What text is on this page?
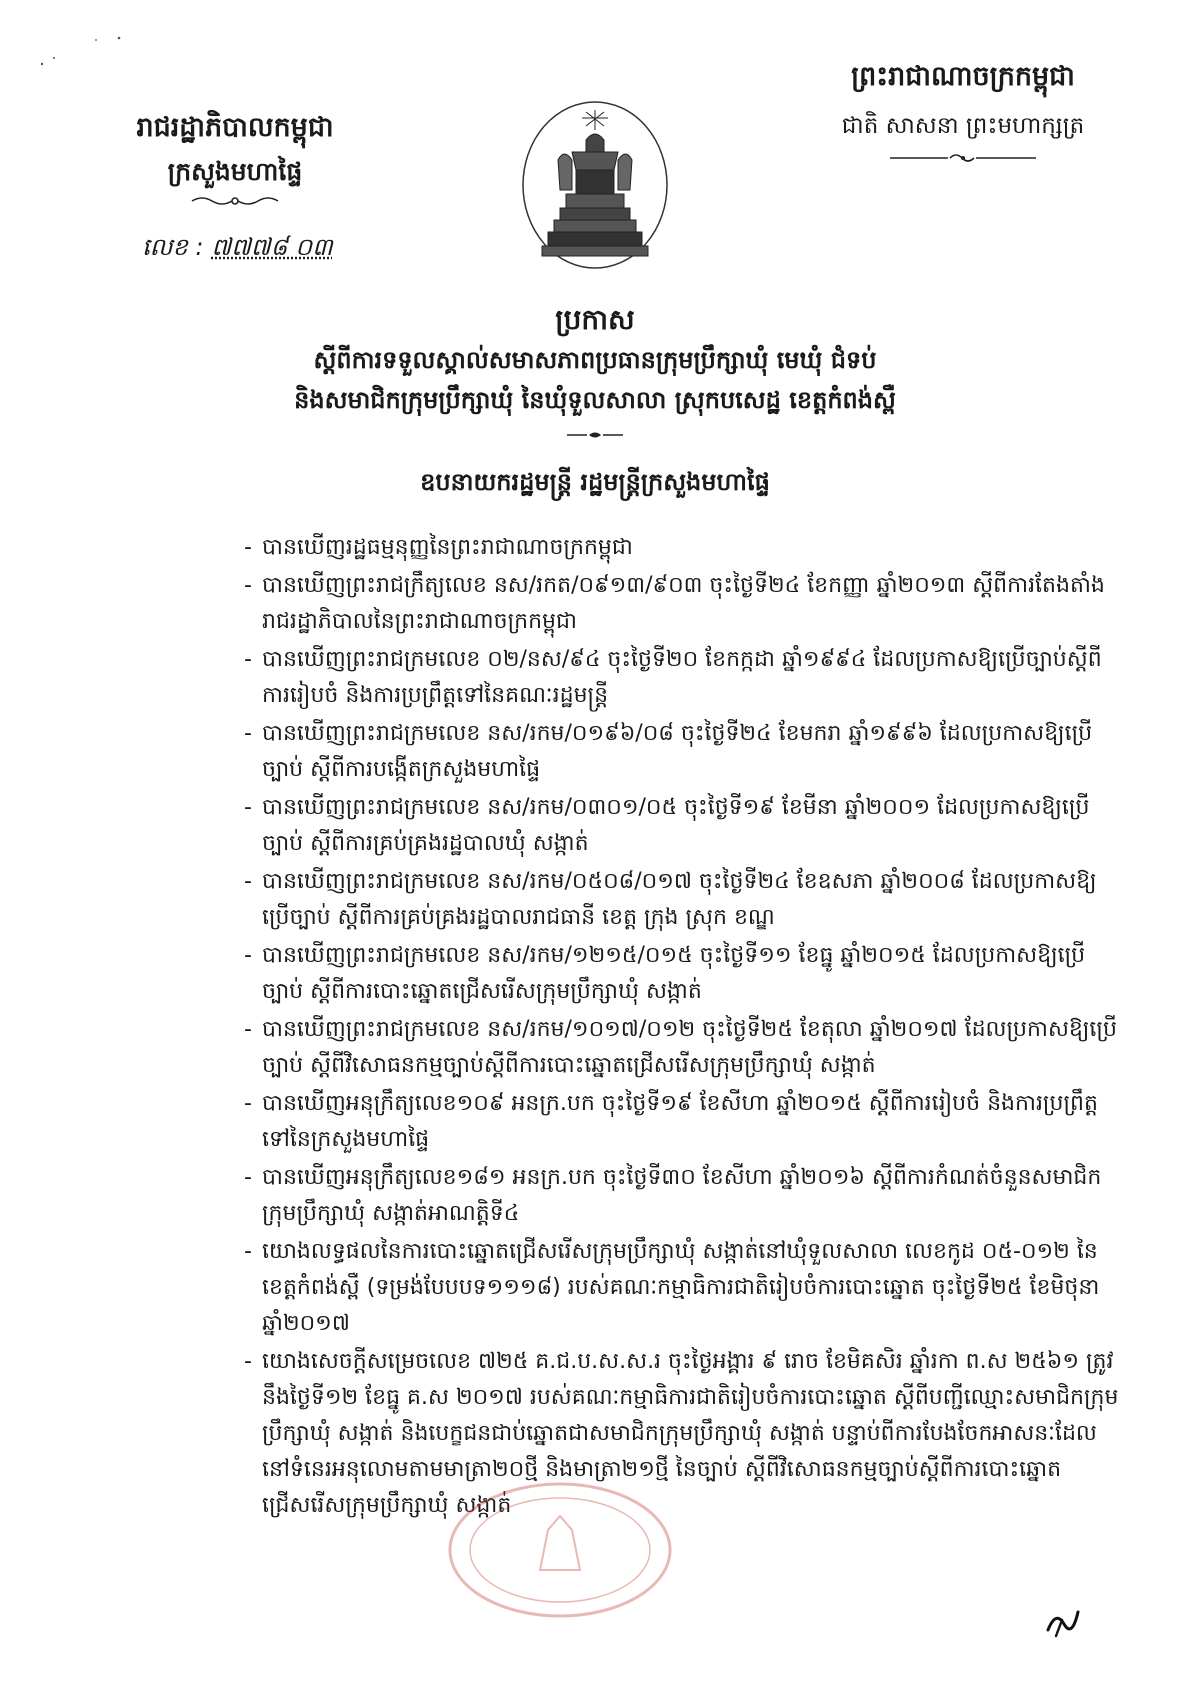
រាជរដ្ឋាភិបាលកម្ពុជា
ក្រសួងមហាផ្ទៃ
លេខ : ៧៧៧៨ ០៣
ព្រះរាជាណាចក្រកម្ពុជា
ជាតិ សាសនា ព្រះមហាក្សត្រ
ប្រកាស
ស្តីពីការទទួលស្គាល់សមាសភាពប្រធានក្រុមប្រឹក្សាឃុំ មេឃុំ ជំទប់
និងសមាជិកក្រុមប្រឹក្សាឃុំ នៃឃុំទួលសាលា ស្រុកបសេដ្ឋ ខេត្តកំពង់ស្ពឺ
ឧបនាយករដ្ឋមន្ត្រី រដ្ឋមន្ត្រីក្រសួងមហាផ្ទៃ
- បានឃើញរដ្ឋធម្មនុញ្ញនៃព្រះរាជាណាចក្រកម្ពុជា
- បានឃើញព្រះរាជក្រឹត្យលេខ នស/រកត/០៩១៣/៩០៣ ចុះថ្ងៃទី២៤ ខែកញ្ញា ឆ្នាំ២០១៣ ស្តីពីការតែងតាំងរាជរដ្ឋាភិបាលនៃព្រះរាជាណាចក្រកម្ពុជា
- បានឃើញព្រះរាជក្រមលេខ ០២/នស/៩៤ ចុះថ្ងៃទី២០ ខែកក្កដា ឆ្នាំ១៩៩៤ ដែលប្រកាសឱ្យប្រើច្បាប់ស្តីពីការរៀបចំ និងការប្រព្រឹត្តទៅនៃគណៈរដ្ឋមន្ត្រី
- បានឃើញព្រះរាជក្រមលេខ នស/រកម/០១៩៦/០៨ ចុះថ្ងៃទី២៤ ខែមករា ឆ្នាំ១៩៩៦ ដែលប្រកាសឱ្យប្រើច្បាប់ ស្តីពីការបង្កើតក្រសួងមហាផ្ទៃ
- បានឃើញព្រះរាជក្រមលេខ នស/រកម/០៣០១/០៥ ចុះថ្ងៃទី១៩ ខែមីនា ឆ្នាំ២០០១ ដែលប្រកាសឱ្យប្រើច្បាប់ ស្តីពីការគ្រប់គ្រងរដ្ឋបាលឃុំ សង្កាត់
- បានឃើញព្រះរាជក្រមលេខ នស/រកម/០៥០៨/០១៧ ចុះថ្ងៃទី២៤ ខែឧសភា ឆ្នាំ២០០៨ ដែលប្រកាសឱ្យប្រើច្បាប់ ស្តីពីការគ្រប់គ្រងរដ្ឋបាលរាជធានី ខេត្ត ក្រុង ស្រុក ខណ្ឌ
- បានឃើញព្រះរាជក្រមលេខ នស/រកម/១២១៥/០១៥ ចុះថ្ងៃទី១១ ខែធ្នូ ឆ្នាំ២០១៥ ដែលប្រកាសឱ្យប្រើច្បាប់ ស្តីពីការបោះឆ្នោតជ្រើសរើសក្រុមប្រឹក្សាឃុំ សង្កាត់
- បានឃើញព្រះរាជក្រមលេខ នស/រកម/១០១៧/០១២ ចុះថ្ងៃទី២៥ ខែតុលា ឆ្នាំ២០១៧ ដែលប្រកាសឱ្យប្រើច្បាប់ ស្តីពីវិសោធនកម្មច្បាប់ស្តីពីការបោះឆ្នោតជ្រើសរើសក្រុមប្រឹក្សាឃុំ សង្កាត់
- បានឃើញអនុក្រឹត្យលេខ១០៩ អនក្រ.បក ចុះថ្ងៃទី១៩ ខែសីហា ឆ្នាំ២០១៥ ស្តីពីការរៀបចំ និងការប្រព្រឹត្តទៅនៃក្រសួងមហាផ្ទៃ
- បានឃើញអនុក្រឹត្យលេខ១៨១ អនក្រ.បក ចុះថ្ងៃទី៣០ ខែសីហា ឆ្នាំ២០១៦ ស្តីពីការកំណត់ចំនួនសមាជិកក្រុមប្រឹក្សាឃុំ សង្កាត់អាណត្តិទី៤
- យោងលទ្ធផលនៃការបោះឆ្នោតជ្រើសរើសក្រុមប្រឹក្សាឃុំ សង្កាត់នៅឃុំទួលសាលា លេខកូដ ០៥-០១២ នៃខេត្តកំពង់ស្ពឺ (ទម្រង់បែបបទ១១១៨) របស់គណៈកម្មាធិការជាតិរៀបចំការបោះឆ្នោត ចុះថ្ងៃទី២៥ ខែមិថុនា ឆ្នាំ២០១៧
- យោងសេចក្តីសម្រេចលេខ ៧២៥ គ.ជ.ប.ស.ស.រ ចុះថ្ងៃអង្គារ ៩ រោច ខែមិគសិរ ឆ្នាំរកា ព.ស ២៥៦១ ត្រូវនឹងថ្ងៃទី១២ ខែធ្នូ គ.ស ២០១៧ របស់គណៈកម្មាធិការជាតិរៀបចំការបោះឆ្នោត ស្តីពីបញ្ជីឈ្មោះសមាជិកក្រុមប្រឹក្សាឃុំ សង្កាត់ និងបេក្ខជនជាប់ឆ្នោតជាសមាជិកក្រុមប្រឹក្សាឃុំ សង្កាត់ បន្ទាប់ពីការបែងចែកអាសនៈដែលនៅទំនេរអនុលោមតាមមាត្រា២០ថ្មី និងមាត្រា២១ថ្មី នៃច្បាប់ ស្តីពីវិសោធនកម្មច្បាប់ស្តីពីការបោះឆ្នោតជ្រើសរើសក្រុមប្រឹក្សាឃុំ សង្កាត់
